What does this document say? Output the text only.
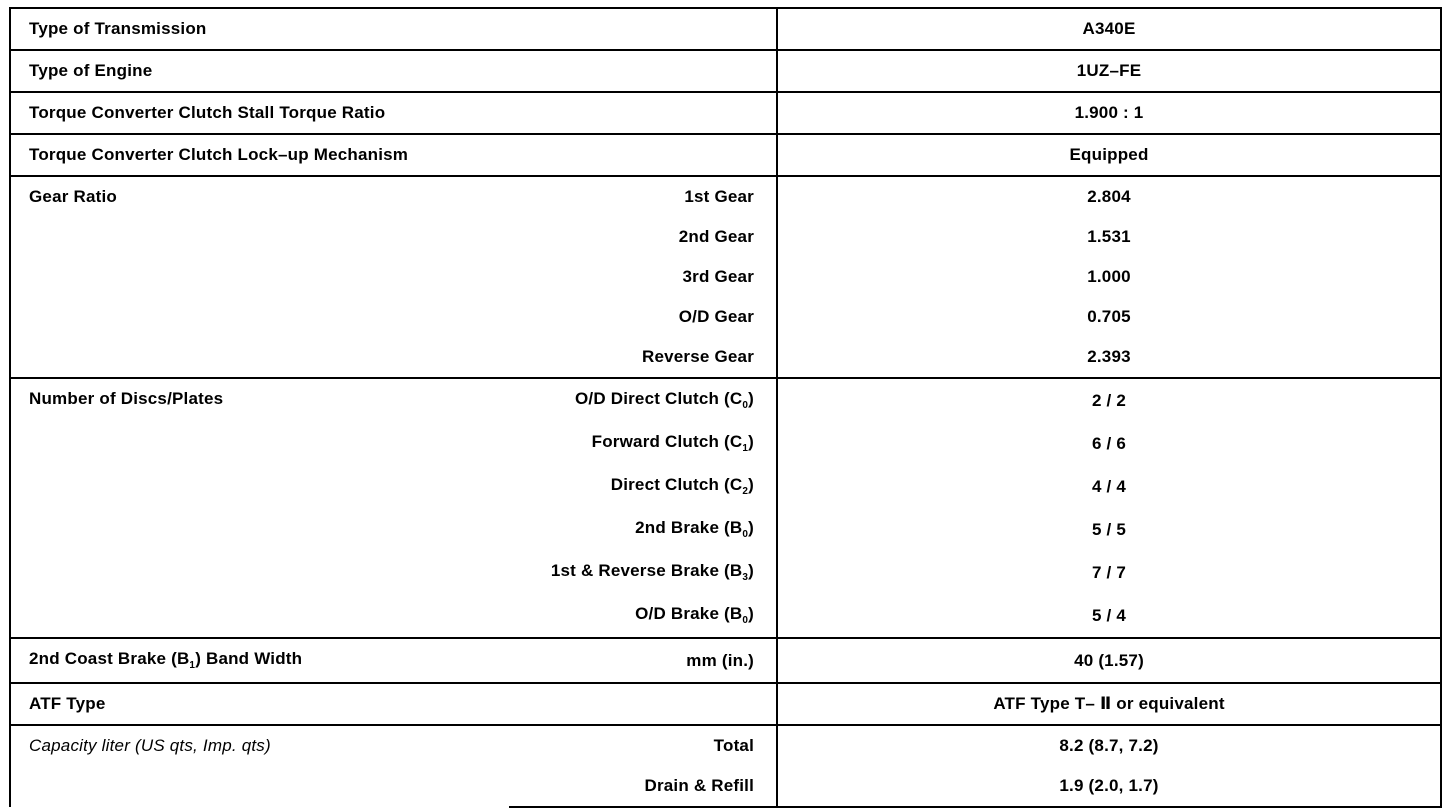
Type of Transmission		A340E
Type of Engine		1UZ–FE
Torque Converter Clutch Stall Torque Ratio		1.900 : 1
Torque Converter Clutch Lock–up Mechanism		Equipped
Gear Ratio	1st Gear	2.804
	2nd Gear	1.531
	3rd Gear	1.000
	O/D Gear	0.705
	Reverse Gear	2.393
Number of Discs/Plates	O/D Direct Clutch $(C_0)$	2 / 2
	Forward Clutch $(C_1)$	6 / 6
	Direct Clutch $(C_2)$	4 / 4
	2nd Brake $(B_0)$	5 / 5
	1st & Reverse Brake $(B_3)$	7 / 7
	O/D Brake $(B_0)$	5 / 4
2nd Coast Brake $(B_1)$ Band Width	mm (in.)	40 (1.57)
ATF Type		ATF Type T– Ⅱ or equivalent
Capacity liter (US qts, Imp. qts)	Total	8.2 (8.7, 7.2)
	Drain & Refill	1.9 (2.0, 1.7)
